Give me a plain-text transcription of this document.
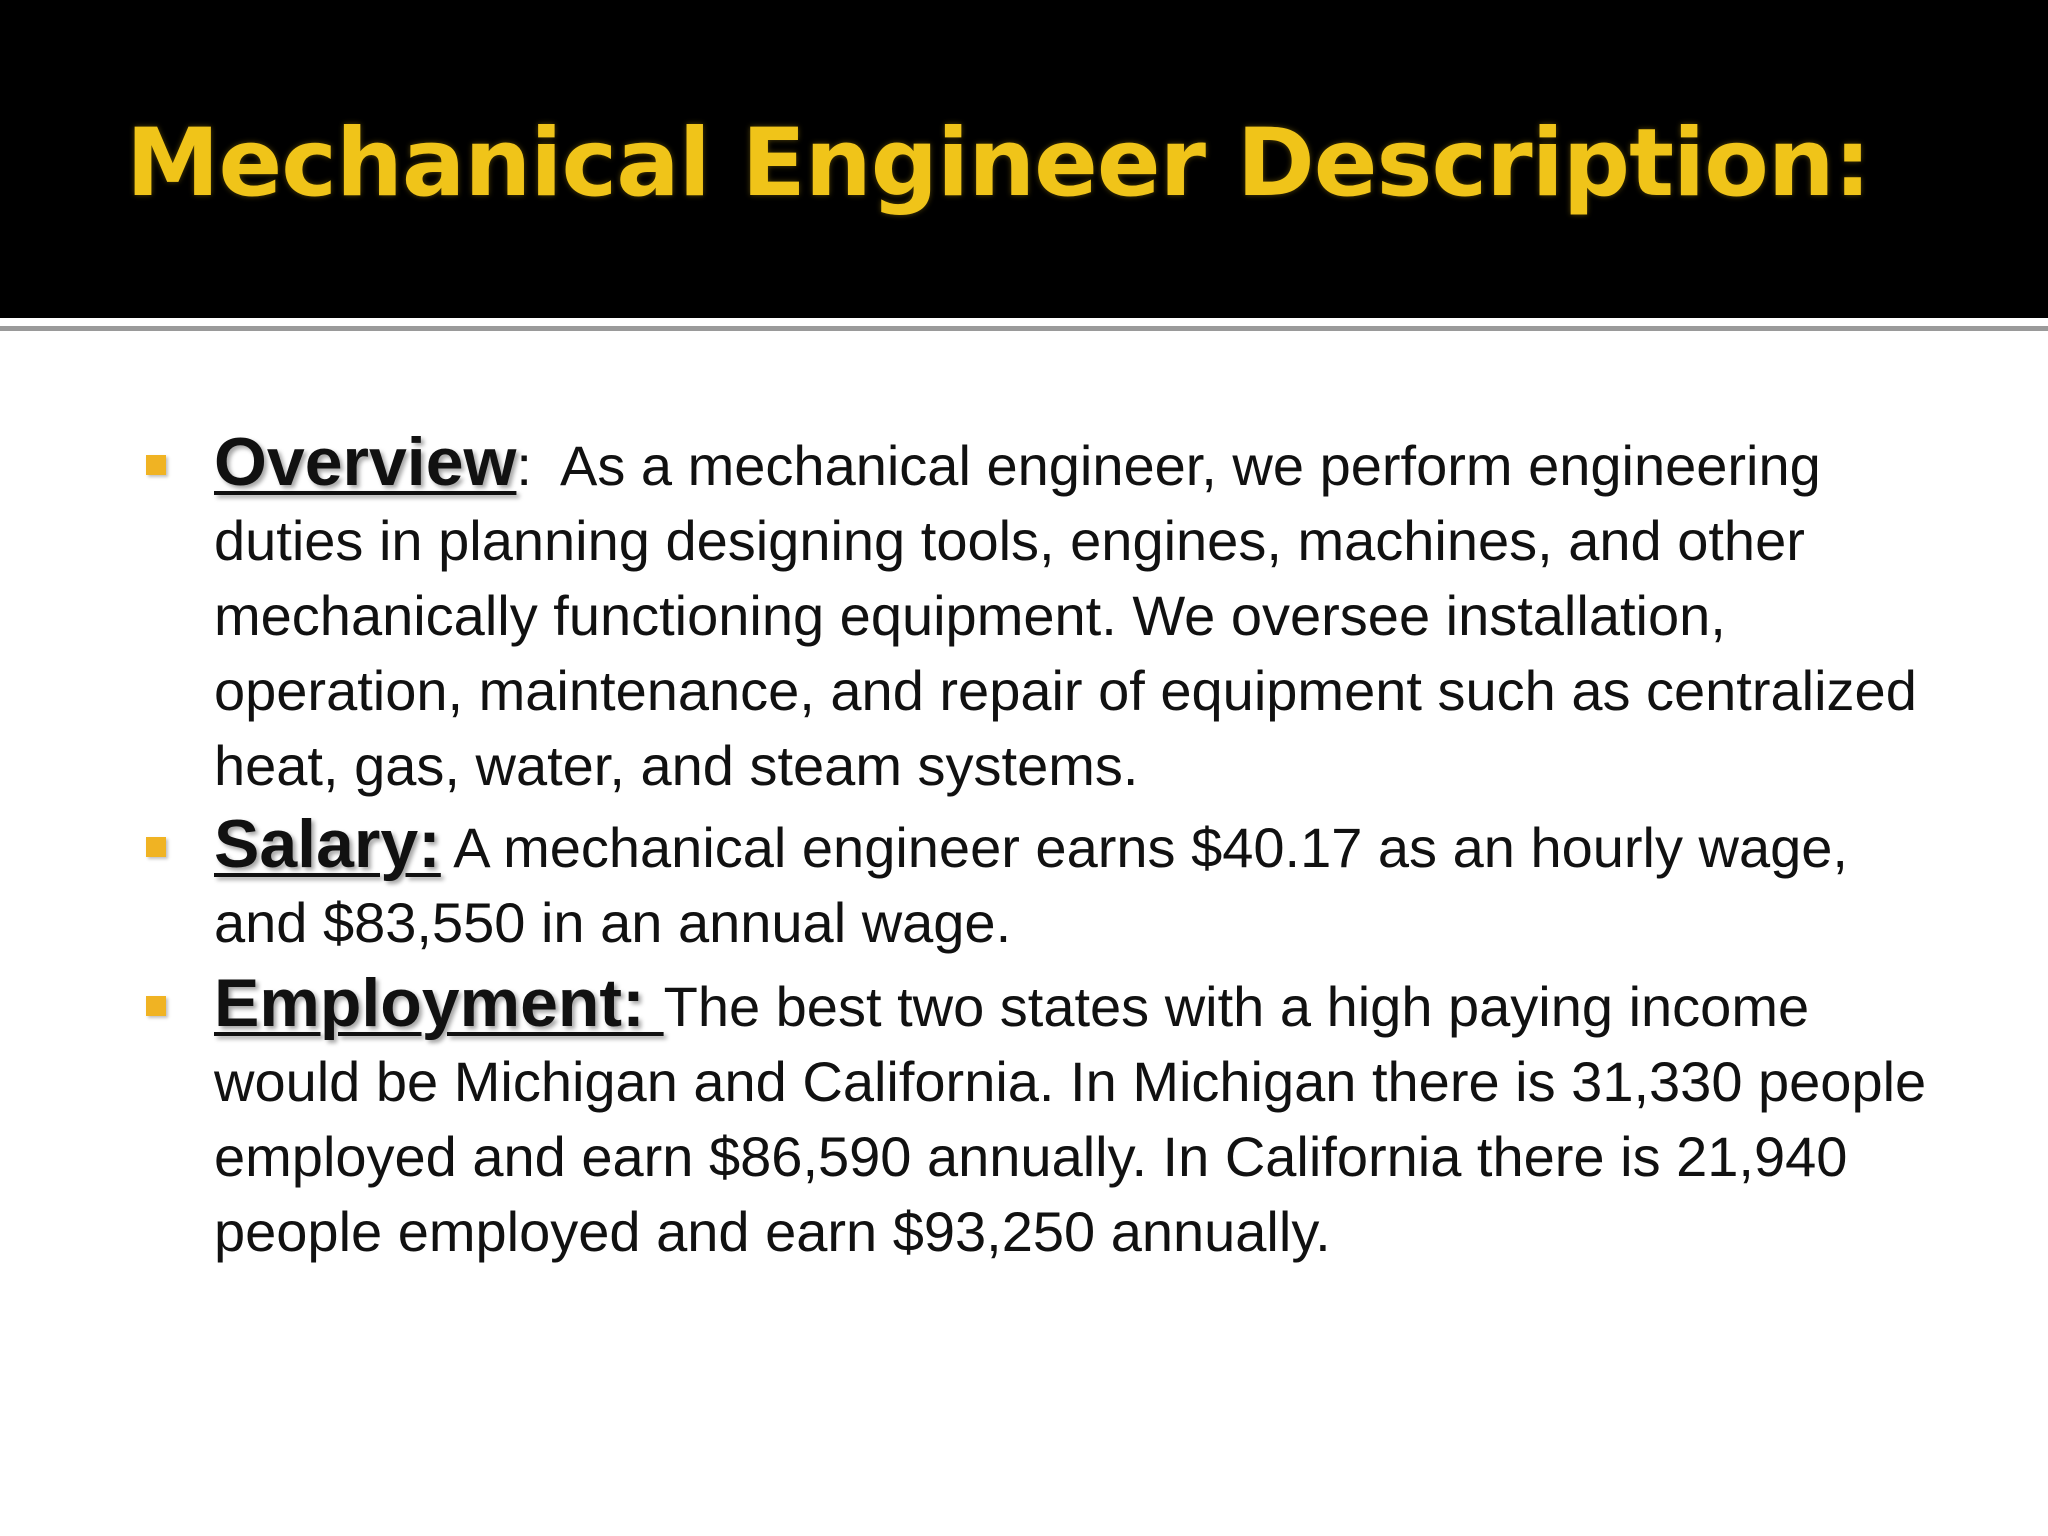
Mechanical Engineer Description:
Overview:  As a mechanical engineer, we perform engineering duties in planning designing tools, engines, machines, and other mechanically functioning equipment. We oversee installation, operation, maintenance, and repair of equipment such as centralized heat, gas, water, and steam systems.
Salary: A mechanical engineer earns $40.17 as an hourly wage, and $83,550 in an annual wage.
Employment: The best two states with a high paying income would be Michigan and California. In Michigan there is 31,330 people employed and earn $86,590 annually. In California there is 21,940 people employed and earn $93,250 annually.
